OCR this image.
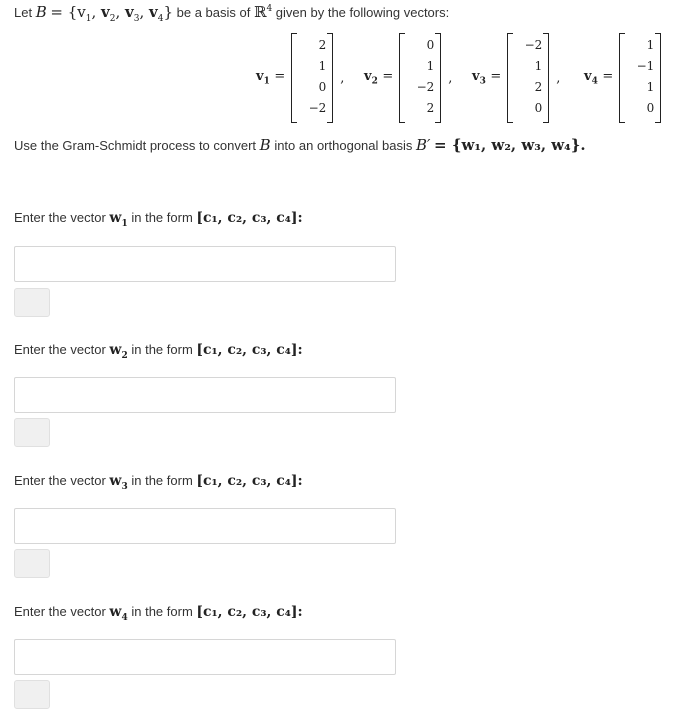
Let $B = \{v_1$, $v_2$, $v_3$, $v_4$} be a basis of ℝ$^4$ given by the following vectors:
$v_1$ =
2
1
0
−2
, $v_2$ =
0
1
−2
2
, $v_3$ =
−2
1
2
0
, $v_4$ =
1
−1
1
0
Use the Gram-Schmidt process to convert B into an orthogonal basis B′ = {w₁, w₂, w₃, w₄}.
Enter the vector $w_1$ in the form [c₁, c₂, c₃, c₄]:
Enter the vector $w_2$ in the form [c₁, c₂, c₃, c₄]:
Enter the vector $w_3$ in the form [c₁, c₂, c₃, c₄]:
Enter the vector $w_4$ in the form [c₁, c₂, c₃, c₄]:
